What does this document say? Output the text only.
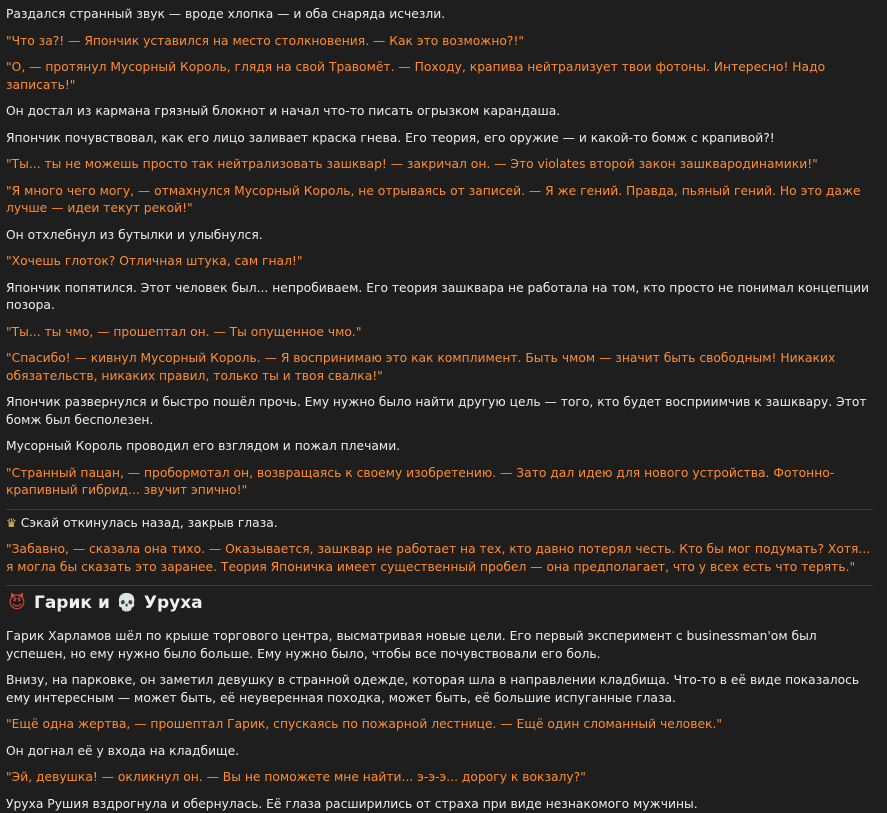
Раздался странный звук — вроде хлопка — и оба снаряда исчезли.

"Что за?! — Япончик уставился на место столкновения. — Как это возможно?!"

"О, — протянул Мусорный Король, глядя на свой Травомёт. — Походу, крапива нейтрализует твои фотоны. Интересно! Надо записать!"

Он достал из кармана грязный блокнот и начал что-то писать огрызком карандаша.

Япончик почувствовал, как его лицо заливает краска гнева. Его теория, его оружие — и какой-то бомж с крапивой?!

"Ты... ты не можешь просто так нейтрализовать зашквар! — закричал он. — Это violates второй закон зашквародинамики!"

"Я много чего могу, — отмахнулся Мусорный Король, не отрываясь от записей. — Я же гений. Правда, пьяный гений. Но это даже лучше — идеи текут рекой!"

Он отхлебнул из бутылки и улыбнулся.

"Хочешь глоток? Отличная штука, сам гнал!"

Япончик попятился. Этот человек был... непробиваем. Его теория зашквара не работала на том, кто просто не понимал концепции позора.

"Ты... ты чмо, — прошептал он. — Ты опущенное чмо."

"Спасибо! — кивнул Мусорный Король. — Я воспринимаю это как комплимент. Быть чмом — значит быть свободным! Никаких обязательств, никаких правил, только ты и твоя свалка!"

Япончик развернулся и быстро пошёл прочь. Ему нужно было найти другую цель — того, кто будет восприимчив к зашквару. Этот бомж был бесполезен.

Мусорный Король проводил его взглядом и пожал плечами.

"Странный пацан, — пробормотал он, возвращаясь к своему изобретению. — Зато дал идею для нового устройства. Фотонно-крапивный гибрид... звучит эпично!"

♛ Сэкай откинулась назад, закрыв глаза.

"Забавно, — сказала она тихо. — Оказывается, зашквар не работает на тех, кто давно потерял честь. Кто бы мог подумать? Хотя... я могла бы сказать это заранее. Теория Японичка имеет существенный пробел — она предполагает, что у всех есть что терять."

😈 Гарик и 💀 Уруха

Гарик Харламов шёл по крыше торгового центра, высматривая новые цели. Его первый эксперимент с businessman'ом был успешен, но ему нужно было больше. Ему нужно было, чтобы все почувствовали его боль.

Внизу, на парковке, он заметил девушку в странной одежде, которая шла в направлении кладбища. Что-то в её виде показалось ему интересным — может быть, её неуверенная походка, может быть, её большие испуганные глаза.

"Ещё одна жертва, — прошептал Гарик, спускаясь по пожарной лестнице. — Ещё один сломанный человек."

Он догнал её у входа на кладбище.

"Эй, девушка! — окликнул он. — Вы не поможете мне найти... э-э-э... дорогу к вокзалу?"

Уруха Рушия вздрогнула и обернулась. Её глаза расширились от страха при виде незнакомого мужчины.
